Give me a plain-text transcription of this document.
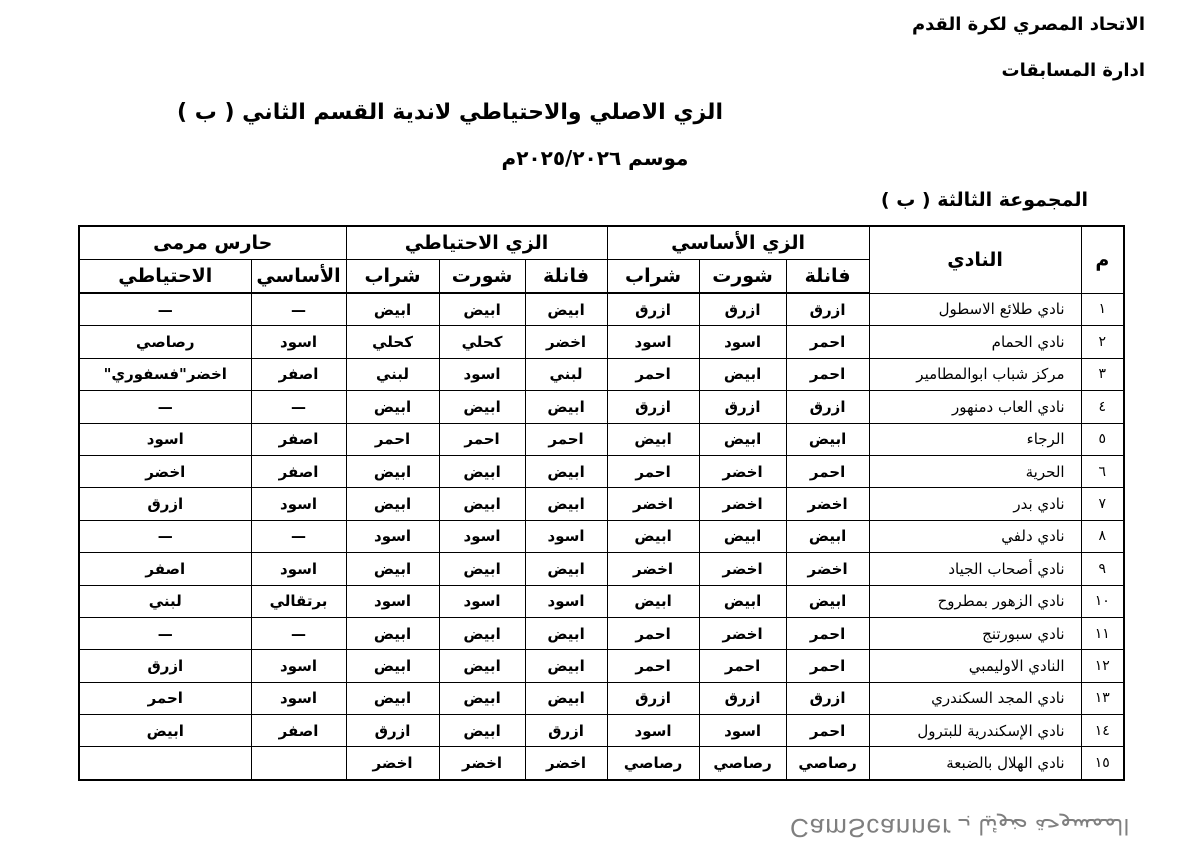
الاتحاد المصري لكرة القدم
ادارة المسابقات
الزي الاصلي والاحتياطي لاندية القسم الثاني ( ب )
موسم ٢٠٢٥/٢٠٢٦م
المجموعة الثالثة ( ب )
م	النادي	الزي الأساسي			الزي الاحتياطي			حارس مرمى	
		فانلة	شورت	شراب	فانلة	شورت	شراب	الأساسي	الاحتياطي
١	نادي طلائع الاسطول	ازرق	ازرق	ازرق	ابيض	ابيض	ابيض	—	—
٢	نادي الحمام	احمر	اسود	اسود	اخضر	كحلي	كحلي	اسود	رصاصي
٣	مركز شباب ابوالمطامير	احمر	ابيض	احمر	لبني	اسود	لبني	اصفر	اخضر"فسفوري"
٤	نادي العاب دمنهور	ازرق	ازرق	ازرق	ابيض	ابيض	ابيض	—	—
٥	الرجاء	ابيض	ابيض	ابيض	احمر	احمر	احمر	اصفر	اسود
٦	الحرية	احمر	اخضر	احمر	ابيض	ابيض	ابيض	اصفر	اخضر
٧	نادي بدر	اخضر	اخضر	اخضر	ابيض	ابيض	ابيض	اسود	ازرق
٨	نادي دلفي	ابيض	ابيض	ابيض	اسود	اسود	اسود	—	—
٩	نادي أصحاب الجياد	اخضر	اخضر	اخضر	ابيض	ابيض	ابيض	اسود	اصفر
١٠	نادي الزهور بمطروح	ابيض	ابيض	ابيض	اسود	اسود	اسود	برتقالي	لبني
١١	نادي سبورتنج	احمر	اخضر	احمر	ابيض	ابيض	ابيض	—	—
١٢	النادي الاوليمبي	احمر	احمر	احمر	ابيض	ابيض	ابيض	اسود	ازرق
١٣	نادي المجد السكندري	ازرق	ازرق	ازرق	ابيض	ابيض	ابيض	اسود	احمر
١٤	نادي الإسكندرية للبترول	احمر	اسود	اسود	ازرق	ابيض	ازرق	اصفر	ابيض
١٥	نادي الهلال بالضبعة	رصاصي	رصاصي	رصاصي	اخضر	اخضر	اخضر		
الممسوحة ضوئيا بـ CamScanner
